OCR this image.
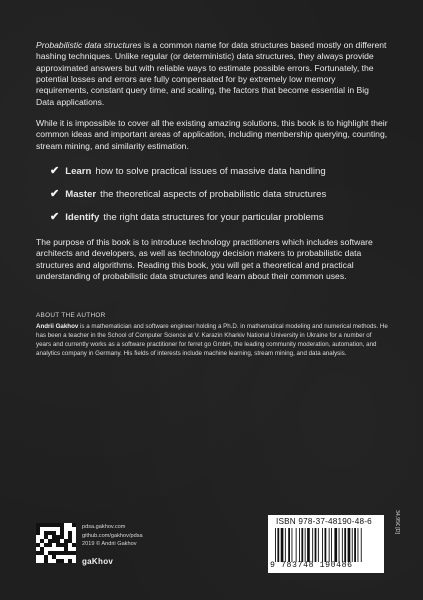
Probabilistic data structures is a common name for data structures based mostly on different hashing techniques. Unlike regular (or deterministic) data structures, they always provide approximated answers but with reliable ways to estimate possible errors. Fortunately, the potential losses and errors are fully compensated for by extremely low memory requirements, constant query time, and scaling, the factors that become essential in Big Data applications.

While it is impossible to cover all the existing amazing solutions, this book is to highlight their common ideas and important areas of application, including membership querying, counting, stream mining, and similarity estimation.

✔ Learn how to solve practical issues of massive data handling
✔ Master the theoretical aspects of probabilistic data structures
✔ Identify the right data structures for your particular problems

The purpose of this book is to introduce technology practitioners which includes software architects and developers, as well as technology decision makers to probabilistic data structures and algorithms. Reading this book, you will get a theoretical and practical understanding of probabilistic data structures and learn about their common uses.

ABOUT THE AUTHOR

Andrii Gakhov is a mathematician and software engineer holding a Ph.D. in mathematical modeling and numerical methods. He has been a teacher in the School of Computer Science at V. Karazin Kharkiv National University in Ukraine for a number of years and currently works as a software practitioner for ferret go GmbH, the leading community moderation, automation, and analytics company in Germany. His fields of interests include machine learning, stream mining, and data analysis.

pdsa.gakhov.com
github.com/gakhov/pdsa
2019 © Andrii Gakhov
gaKhov
ISBN 978-37-48190-48-6
9 783748 190486
34,95€ [D]
